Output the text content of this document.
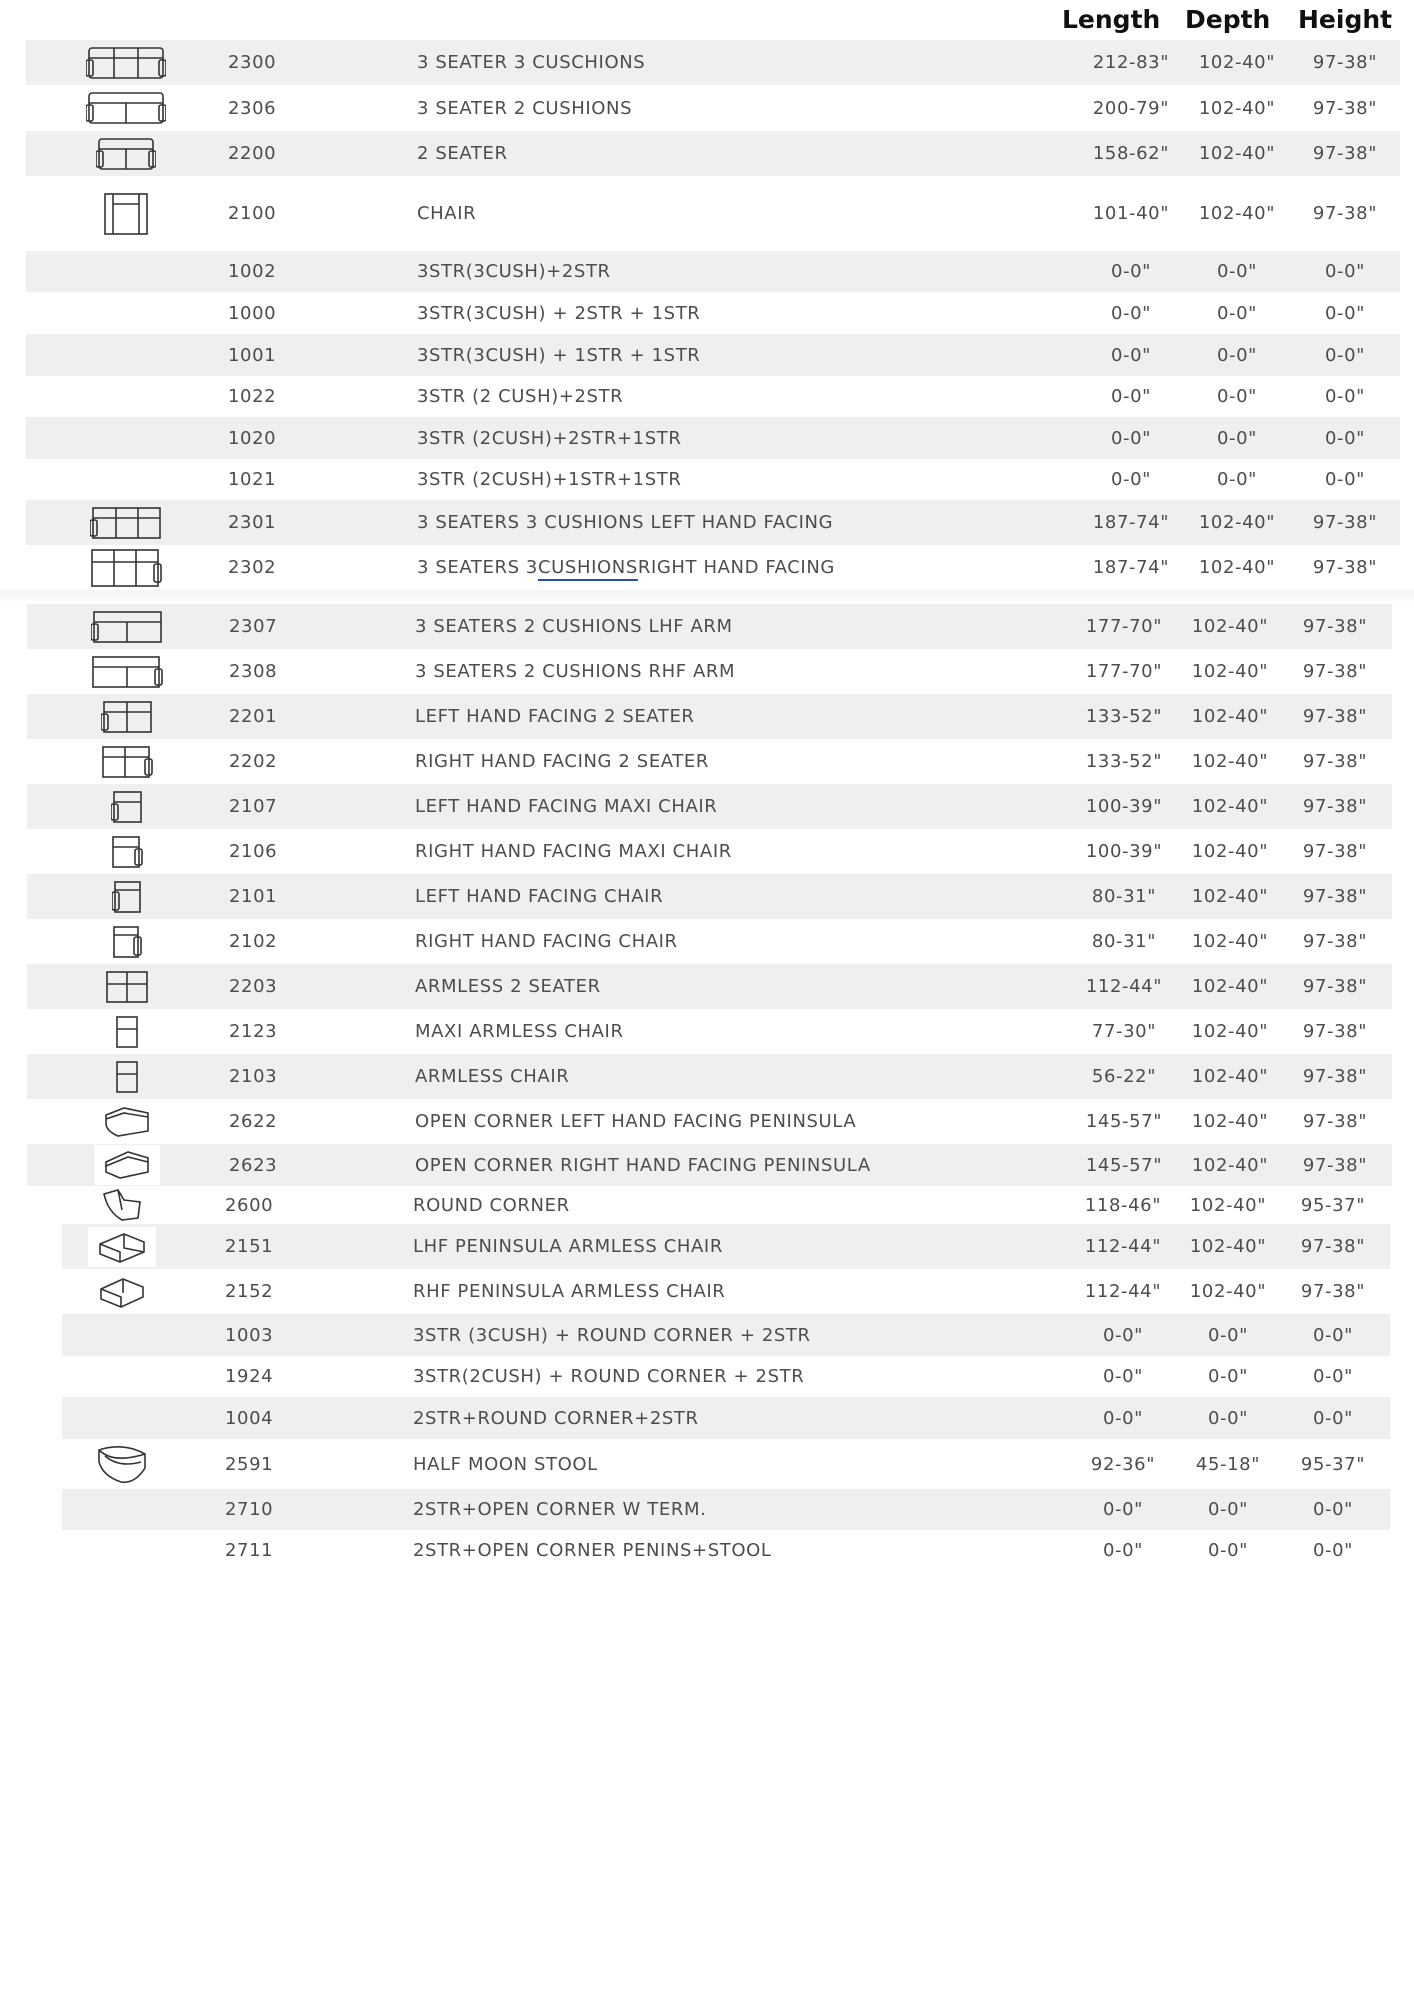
Length Depth Height
2300	3 SEATER 3 CUSCHIONS	212-83"	102-40"	97-38"
2306	3 SEATER 2 CUSHIONS	200-79"	102-40"	97-38"
2200	2 SEATER	158-62"	102-40"	97-38"
2100	CHAIR	101-40"	102-40"	97-38"
1002	3STR(3CUSH)+2STR	0-0"	0-0"	0-0"
1000	3STR(3CUSH) + 2STR + 1STR	0-0"	0-0"	0-0"
1001	3STR(3CUSH) + 1STR + 1STR	0-0"	0-0"	0-0"
1022	3STR (2 CUSH)+2STR	0-0"	0-0"	0-0"
1020	3STR (2CUSH)+2STR+1STR	0-0"	0-0"	0-0"
1021	3STR (2CUSH)+1STR+1STR	0-0"	0-0"	0-0"
2301	3 SEATERS 3 CUSHIONS LEFT HAND FACING	187-74"	102-40"	97-38"
2302	3 SEATERS 3 CUSHIONS RIGHT HAND FACING	187-74"	102-40"	97-38"
2307	3 SEATERS 2 CUSHIONS LHF ARM	177-70"	102-40"	97-38"
2308	3 SEATERS 2 CUSHIONS RHF ARM	177-70"	102-40"	97-38"
2201	LEFT HAND FACING 2 SEATER	133-52"	102-40"	97-38"
2202	RIGHT HAND FACING 2 SEATER	133-52"	102-40"	97-38"
2107	LEFT HAND FACING MAXI CHAIR	100-39"	102-40"	97-38"
2106	RIGHT HAND FACING MAXI CHAIR	100-39"	102-40"	97-38"
2101	LEFT HAND FACING CHAIR	80-31"	102-40"	97-38"
2102	RIGHT HAND FACING CHAIR	80-31"	102-40"	97-38"
2203	ARMLESS 2 SEATER	112-44"	102-40"	97-38"
2123	MAXI ARMLESS CHAIR	77-30"	102-40"	97-38"
2103	ARMLESS CHAIR	56-22"	102-40"	97-38"
2622	OPEN CORNER LEFT HAND FACING PENINSULA	145-57"	102-40"	97-38"
2623	OPEN CORNER RIGHT HAND FACING PENINSULA	145-57"	102-40"	97-38"
2600	ROUND CORNER	118-46"	102-40"	95-37"
2151	LHF PENINSULA ARMLESS CHAIR	112-44"	102-40"	97-38"
2152	RHF PENINSULA ARMLESS CHAIR	112-44"	102-40"	97-38"
1003	3STR (3CUSH) + ROUND CORNER + 2STR	0-0"	0-0"	0-0"
1924	3STR(2CUSH) + ROUND CORNER + 2STR	0-0"	0-0"	0-0"
1004	2STR+ROUND CORNER+2STR	0-0"	0-0"	0-0"
2591	HALF MOON STOOL	92-36"	45-18"	95-37"
2710	2STR+OPEN CORNER W TERM.	0-0"	0-0"	0-0"
2711	2STR+OPEN CORNER PENINS+STOOL	0-0"	0-0"	0-0"
